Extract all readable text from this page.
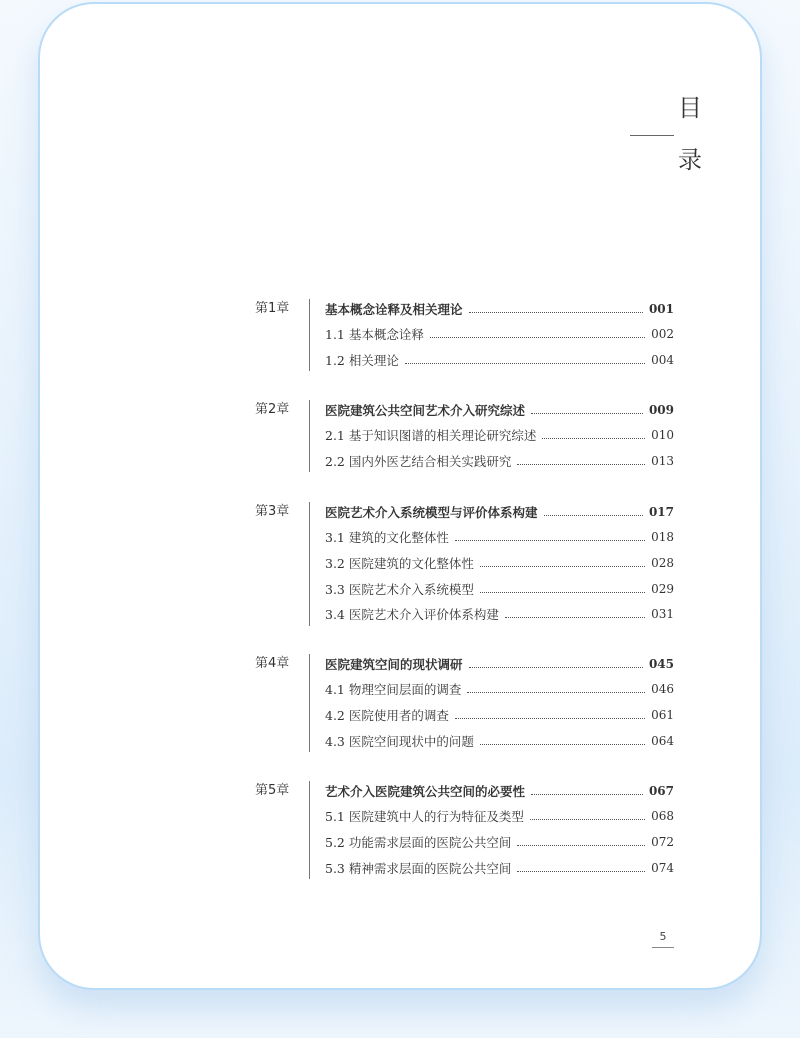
目
录
第1章	基本概念诠释及相关理论	001
1.1 基本概念诠释	002
1.2 相关理论	004
第2章	医院建筑公共空间艺术介入研究综述	009
2.1 基于知识图谱的相关理论研究综述	010
2.2 国内外医艺结合相关实践研究	013
第3章	医院艺术介入系统模型与评价体系构建	017
3.1 建筑的文化整体性	018
3.2 医院建筑的文化整体性	028
3.3 医院艺术介入系统模型	029
3.4 医院艺术介入评价体系构建	031
第4章	医院建筑空间的现状调研	045
4.1 物理空间层面的调查	046
4.2 医院使用者的调查	061
4.3 医院空间现状中的问题	064
第5章	艺术介入医院建筑公共空间的必要性	067
5.1 医院建筑中人的行为特征及类型	068
5.2 功能需求层面的医院公共空间	072
5.3 精神需求层面的医院公共空间	074
5
